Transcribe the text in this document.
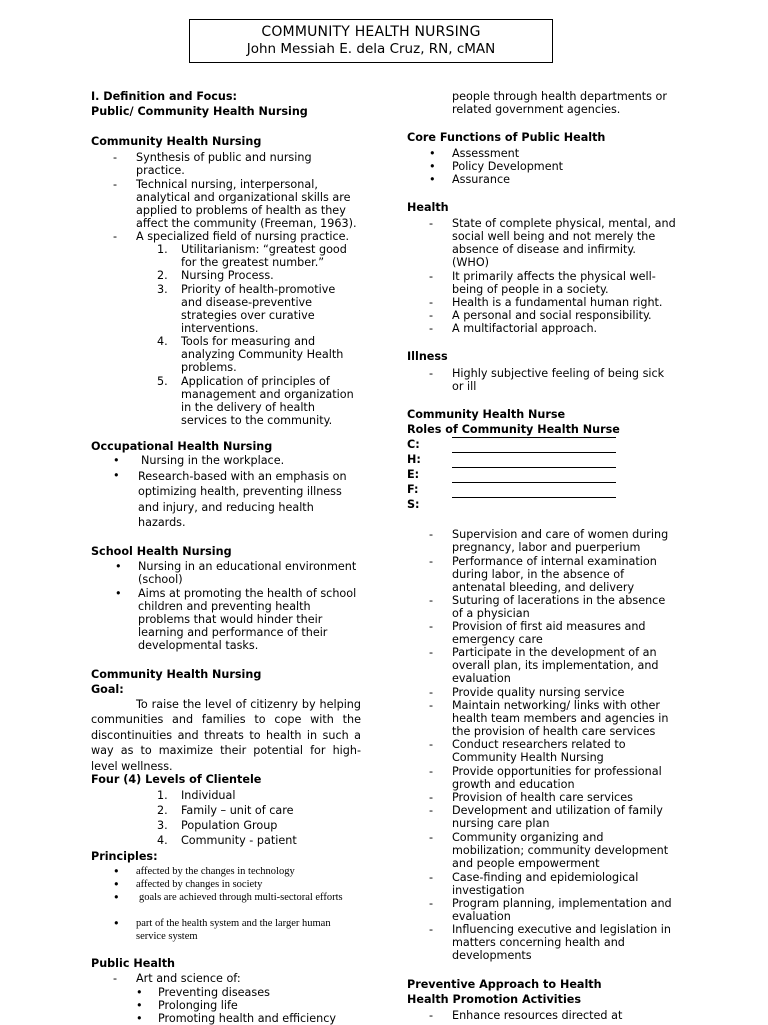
COMMUNITY HEALTH NURSING
John Messiah E. dela Cruz, RN, cMAN
I. Definition and Focus:
Public/ Community Health Nursing
Community Health Nursing
- Synthesis of public and nursing
practice.
- Technical nursing, interpersonal,
analytical and organizational skills are
applied to problems of health as they
affect the community (Freeman, 1963).
- A specialized field of nursing practice.
1. Utilitarianism: “greatest good
for the greatest number.”
2. Nursing Process.
3. Priority of health-promotive
and disease-preventive
strategies over curative
interventions.
4. Tools for measuring and
analyzing Community Health
problems.
5. Application of principles of
management and organization
in the delivery of health
services to the community.
Occupational Health Nursing
• Nursing in the workplace.
• Research-based with an emphasis on
optimizing health, preventing illness
and injury, and reducing health
hazards.
School Health Nursing
• Nursing in an educational environment
(school)
• Aims at promoting the health of school
children and preventing health
problems that would hinder their
learning and performance of their
developmental tasks.
Community Health Nursing
Goal:
To raise the level of citizenry by helping communities and families to cope with the discontinuities and threats to health in such a way as to maximize their potential for high-level wellness.
Four (4) Levels of Clientele
1. Individual
2. Family – unit of care
3. Population Group
4. Community - patient
Principles:
• affected by the changes in technology
• affected by changes in society
• goals are achieved through multi-sectoral efforts
• part of the health system and the larger human
service system
Public Health
- Art and science of:
• Preventing diseases
• Prolonging life
• Promoting health and efficiency
people through health departments or
related government agencies.
Core Functions of Public Health
• Assessment
• Policy Development
• Assurance
Health
- State of complete physical, mental, and
social well being and not merely the
absence of disease and infirmity.
(WHO)
- It primarily affects the physical well-
being of people in a society.
- Health is a fundamental human right.
- A personal and social responsibility.
- A multifactorial approach.
Illness
- Highly subjective feeling of being sick
or ill
Community Health Nurse
Roles of Community Health Nurse
C:
H:
E:
F:
S:
- Supervision and care of women during
pregnancy, labor and puerperium
- Performance of internal examination
during labor, in the absence of
antenatal bleeding, and delivery
- Suturing of lacerations in the absence
of a physician
- Provision of first aid measures and
emergency care
- Participate in the development of an
overall plan, its implementation, and
evaluation
- Provide quality nursing service
- Maintain networking/ links with other
health team members and agencies in
the provision of health care services
- Conduct researchers related to
Community Health Nursing
- Provide opportunities for professional
growth and education
- Provision of health care services
- Development and utilization of family
nursing care plan
- Community organizing and
mobilization; community development
and people empowerment
- Case-finding and epidemiological
investigation
- Program planning, implementation and
evaluation
- Influencing executive and legislation in
matters concerning health and
developments
Preventive Approach to Health
Health Promotion Activities
- Enhance resources directed at
